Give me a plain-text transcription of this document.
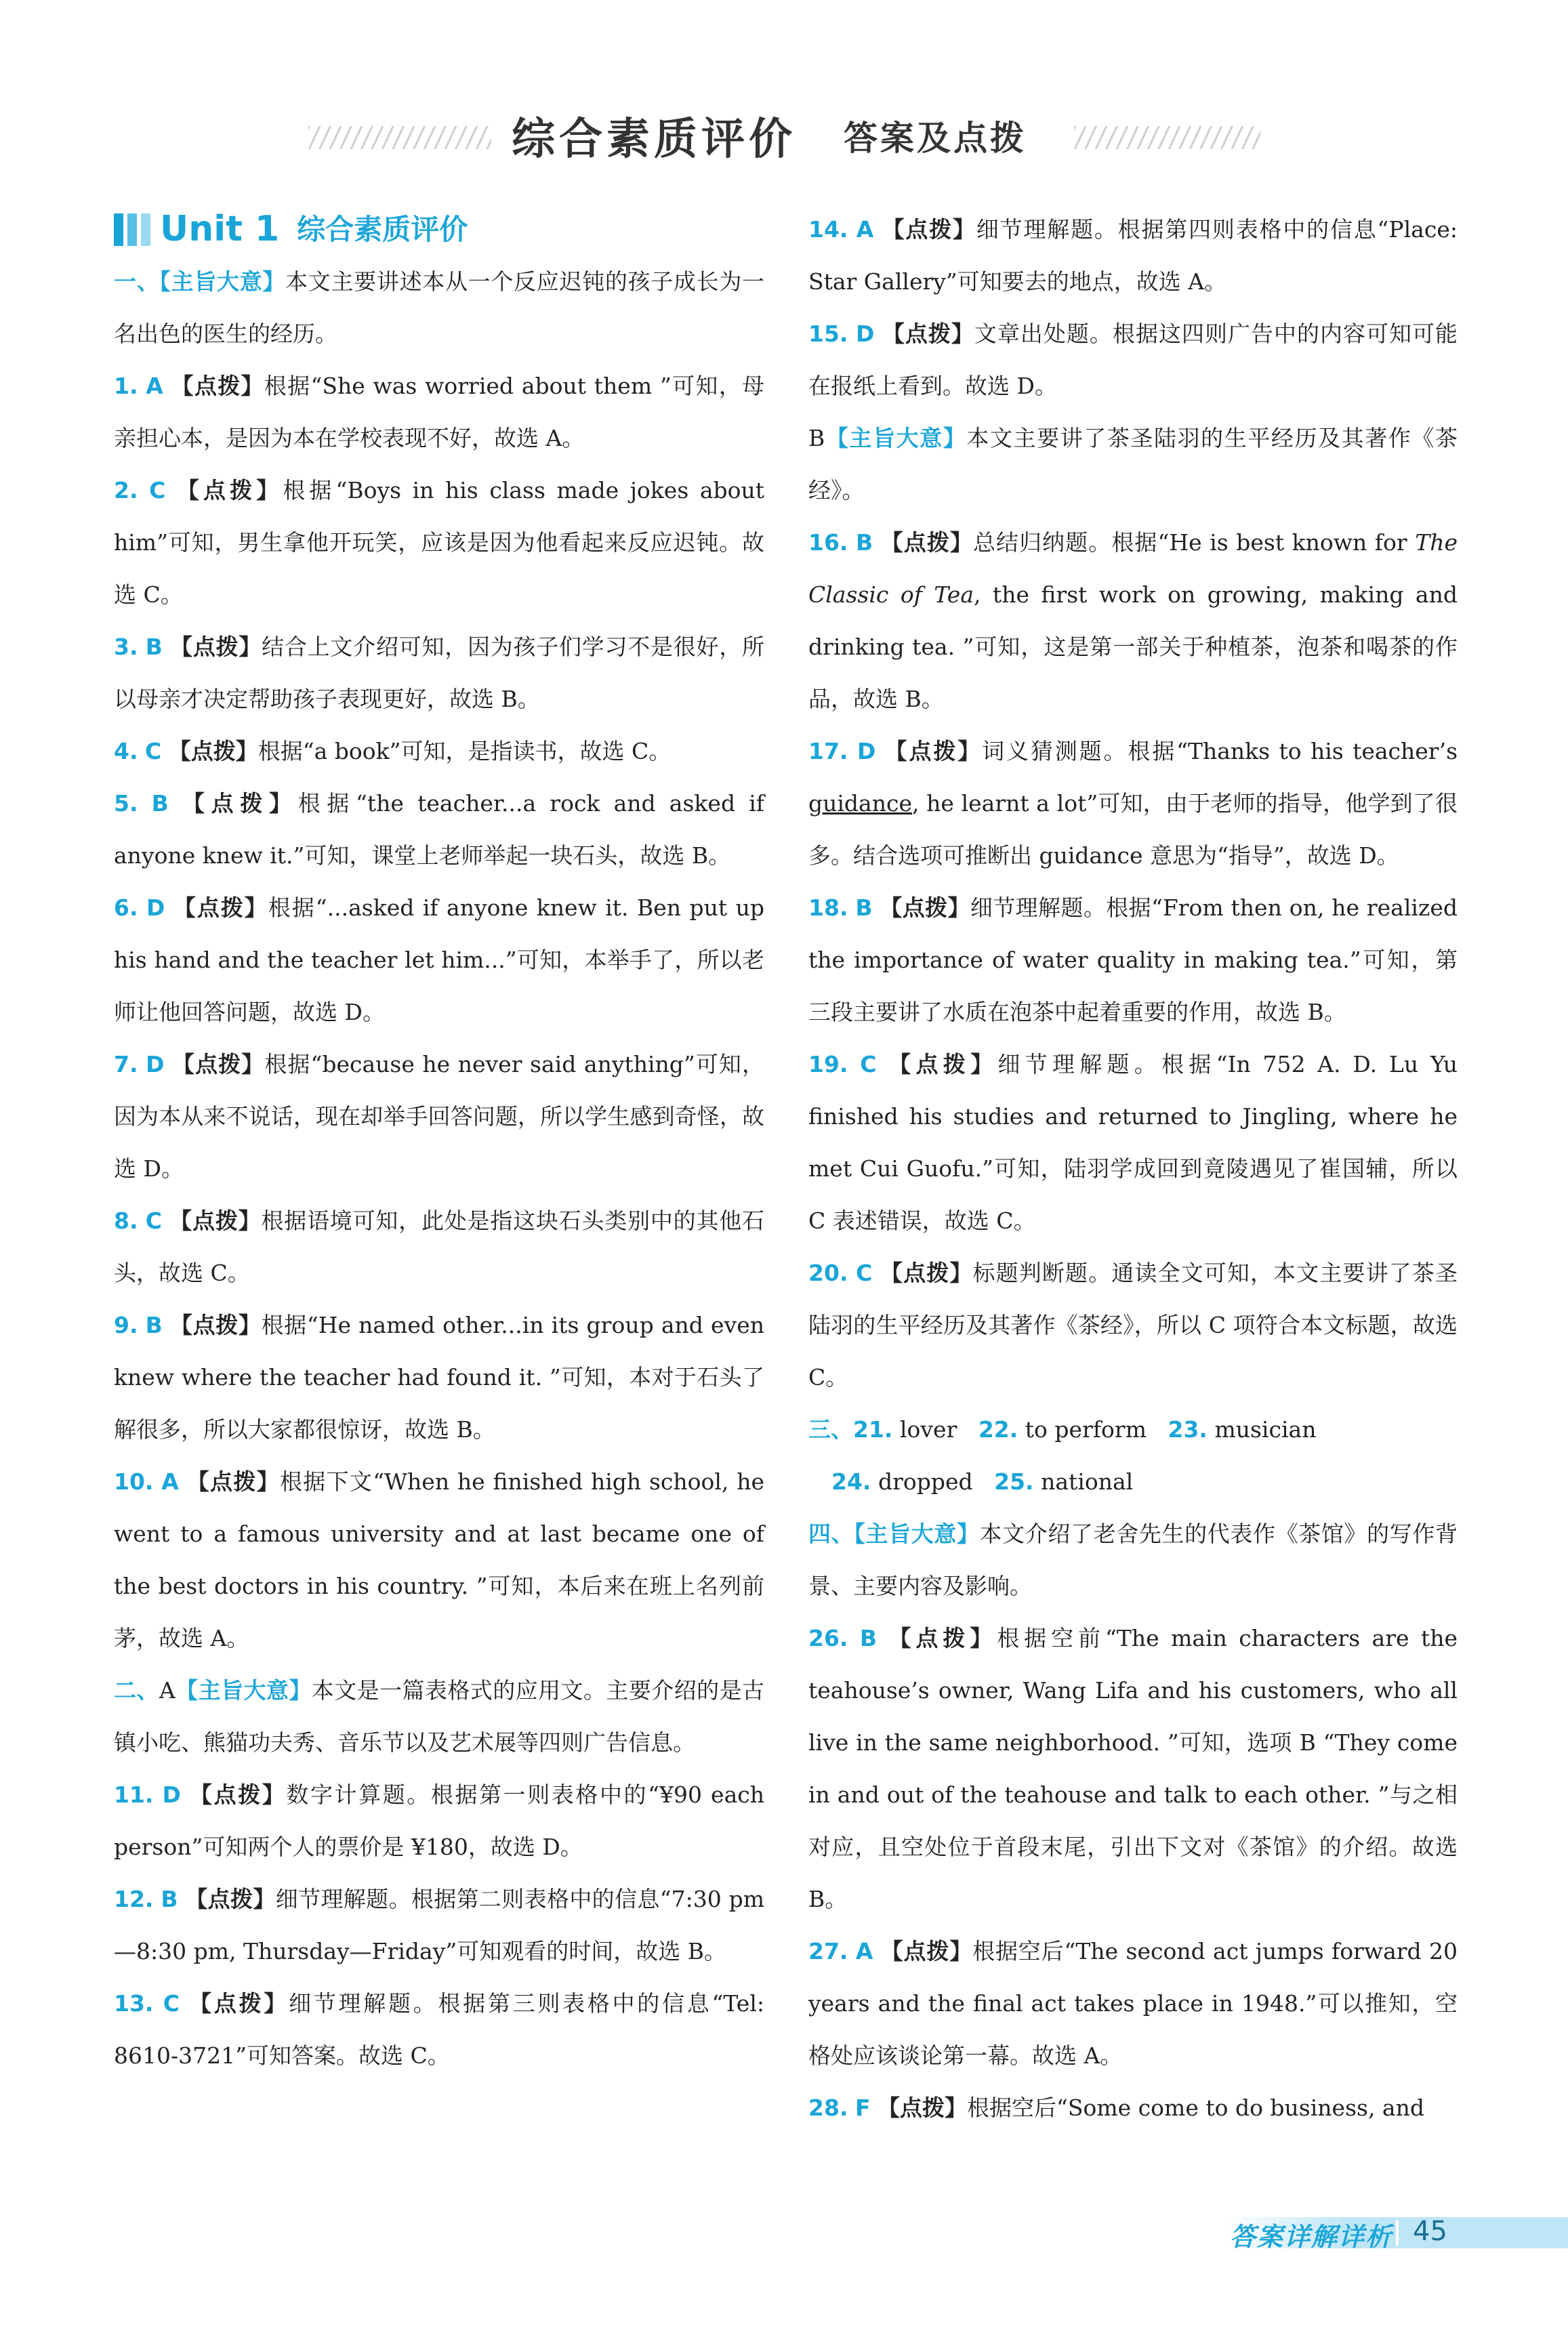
综合素质评价 答案及点拨
Unit 1 综合素质评价

一、【主旨大意】本文主要讲述本从一个反应迟钝的孩子成长为一名出色的医生的经历。

1. A 【点拨】根据“She was worried about them ”可知，母亲担心本，是因为本在学校表现不好，故选 A。

2. C 【点拨】根据“Boys in his class made jokes about him”可知，男生拿他开玩笑，应该是因为他看起来反应迟钝。故选 C。

3. B 【点拨】结合上文介绍可知，因为孩子们学习不是很好，所以母亲才决定帮助孩子表现更好，故选 B。

4. C 【点拨】根据“a book”可知，是指读书，故选 C。

5. B 【点拨】根据“the teacher...a rock and asked if anyone knew it.”可知，课堂上老师举起一块石头，故选 B。

6. D 【点拨】根据“...asked if anyone knew it. Ben put up his hand and the teacher let him...”可知，本举手了，所以老师让他回答问题，故选 D。

7. D 【点拨】根据“because he never said anything”可知，因为本从来不说话，现在却举手回答问题，所以学生感到奇怪，故选 D。

8. C 【点拨】根据语境可知，此处是指这块石头类别中的其他石头，故选 C。

9. B 【点拨】根据“He named other...in its group and even knew where the teacher had found it. ”可知，本对于石头了解很多，所以大家都很惊讶，故选 B。

10. A 【点拨】根据下文“When he finished high school, he went to a famous university and at last became one of the best doctors in his country. ”可知，本后来在班上名列前茅，故选 A。

二、A【主旨大意】本文是一篇表格式的应用文。主要介绍的是古镇小吃、熊猫功夫秀、音乐节以及艺术展等四则广告信息。

11. D 【点拨】数字计算题。根据第一则表格中的“¥90 each person”可知两个人的票价是 ¥180，故选 D。

12. B 【点拨】细节理解题。根据第二则表格中的信息“7:30 pm—8:30 pm, Thursday—Friday”可知观看的时间，故选 B。

13. C 【点拨】细节理解题。根据第三则表格中的信息“Tel: 8610-3721”可知答案。故选 C。

14. A 【点拨】细节理解题。根据第四则表格中的信息“Place: Star Gallery”可知要去的地点，故选 A。

15. D 【点拨】文章出处题。根据这四则广告中的内容可知可能在报纸上看到。故选 D。

B【主旨大意】本文主要讲了茶圣陆羽的生平经历及其著作《茶经》。

16. B 【点拨】总结归纳题。根据“He is best known for The Classic of Tea, the first work on growing, making and drinking tea. ”可知，这是第一部关于种植茶，泡茶和喝茶的作品，故选 B。

17. D 【点拨】词义猜测题。根据“Thanks to his teacher’s guidance, he learnt a lot”可知，由于老师的指导，他学到了很多。结合选项可推断出 guidance 意思为“指导”，故选 D。

18. B 【点拨】细节理解题。根据“From then on, he realized the importance of water quality in making tea.”可知，第三段主要讲了水质在泡茶中起着重要的作用，故选 B。

19. C 【点拨】细节理解题。根据“In 752 A. D. Lu Yu finished his studies and returned to Jingling, where he met Cui Guofu.”可知，陆羽学成回到竟陵遇见了崔国辅，所以 C 表述错误，故选 C。

20. C 【点拨】标题判断题。通读全文可知，本文主要讲了茶圣陆羽的生平经历及其著作《茶经》，所以 C 项符合本文标题，故选 C。

三、21. lover 22. to perform 23. musician

24. dropped 25. national

四、【主旨大意】本文介绍了老舍先生的代表作《茶馆》的写作背景、主要内容及影响。

26. B 【点拨】根据空前“The main characters are the teahouse’s owner, Wang Lifa and his customers, who all live in the same neighborhood. ”可知，选项 B “They come in and out of the teahouse and talk to each other. ”与之相对应，且空处位于首段末尾，引出下文对《茶馆》的介绍。故选 B。

27. A 【点拨】根据空后“The second act jumps forward 20 years and the final act takes place in 1948.”可以推知，空格处应该谈论第一幕。故选 A。

28. F 【点拨】根据空后“Some come to do business, and

答案详解详析 45
